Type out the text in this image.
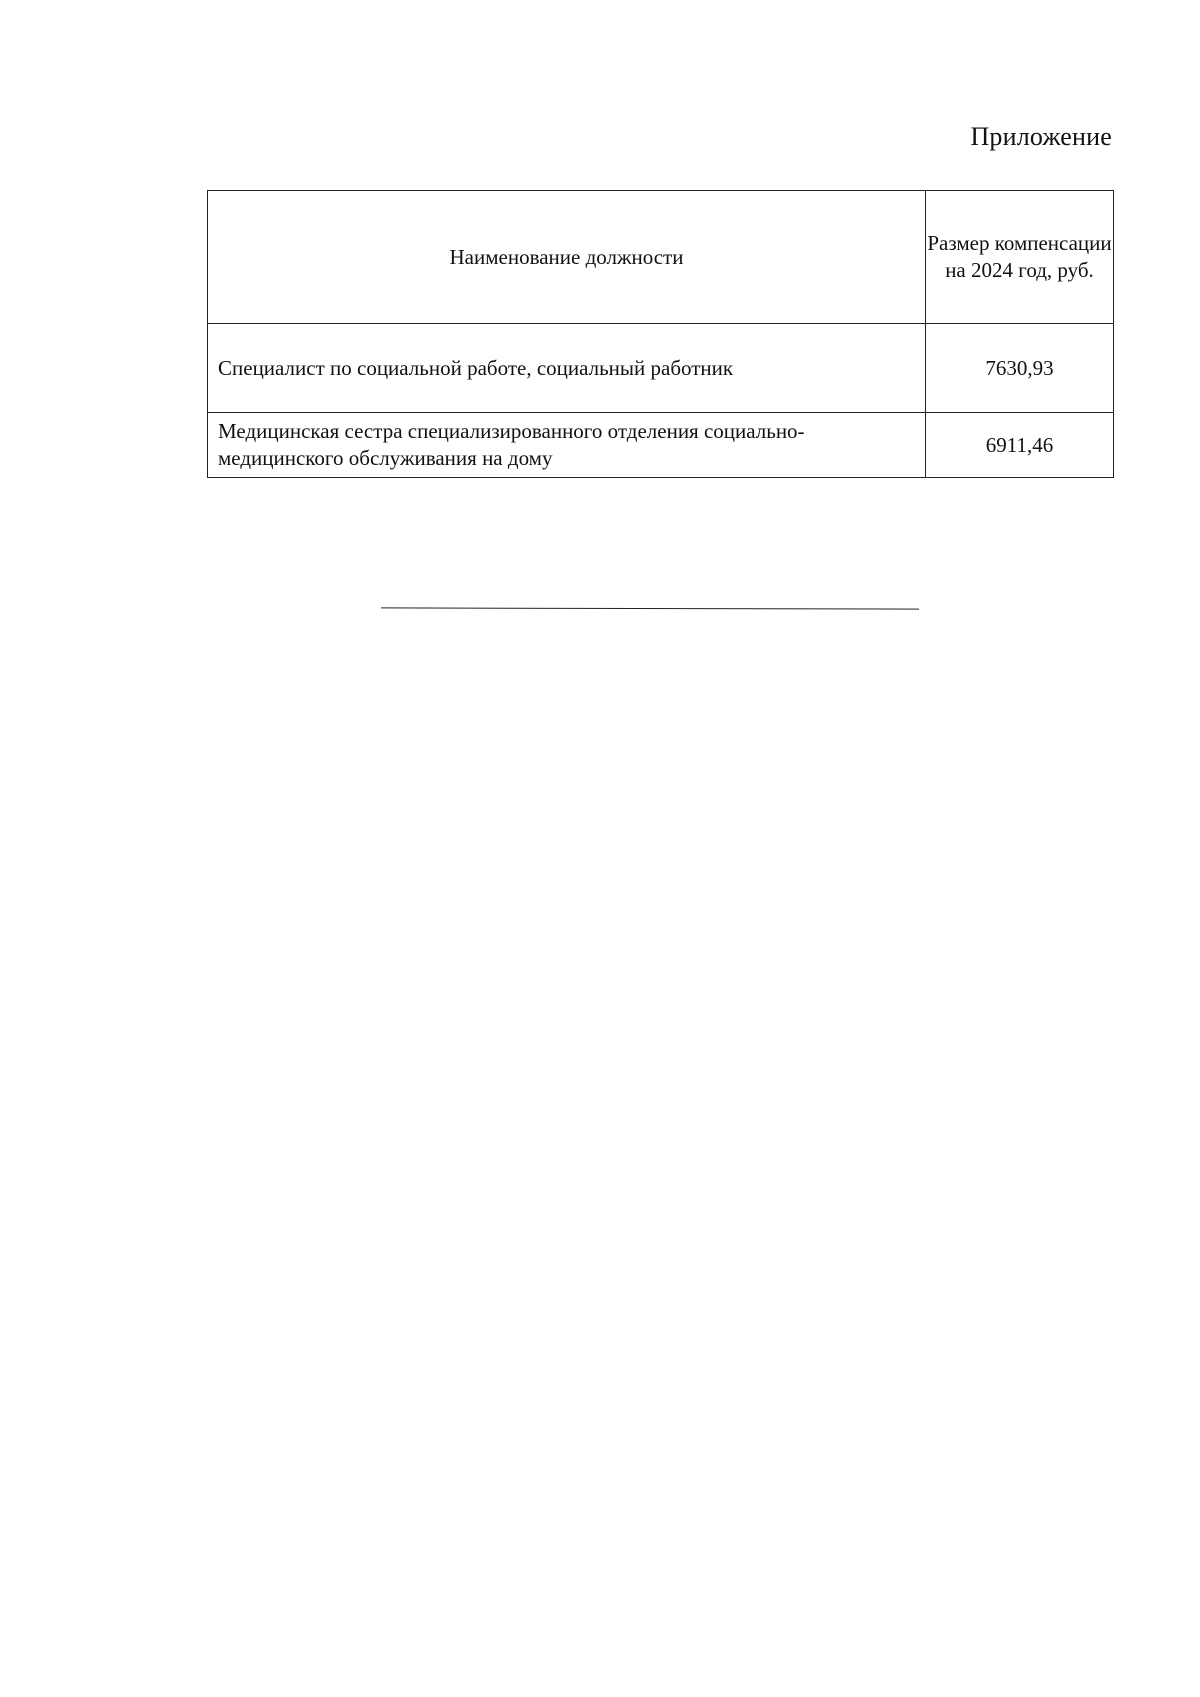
Приложение
Наименование должности	Размер компенсации на 2024 год, руб.
Специалист по социальной работе, социальный работник	7630,93
Медицинская сестра специализированного отделения социально-медицинского обслуживания на дому	6911,46
